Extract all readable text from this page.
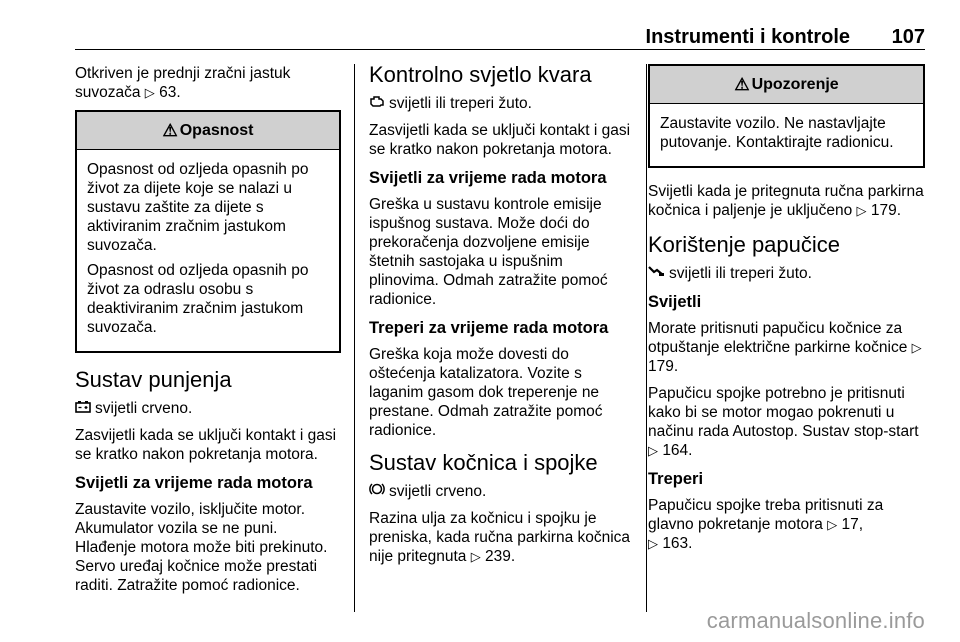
Instrumenti i kontrole 107

Otkriven je prednji zračni jastuk suvozača ▷ 63.

⚠ Opasnost

Opasnost od ozljeda opasnih po život za dijete koje se nalazi u sustavu zaštite za dijete s aktiviranim zračnim jastukom suvozača.

Opasnost od ozljeda opasnih po život za odraslu osobu s deaktiviranim zračnim jastukom suvozača.

Sustav punjenja

svijetli crveno.

Zasvijetli kada se uključi kontakt i gasi se kratko nakon pokretanja motora.

Svijetli za vrijeme rada motora

Zaustavite vozilo, isključite motor. Akumulator vozila se ne puni. Hlađenje motora može biti prekinuto. Servo uređaj kočnice može prestati raditi. Zatražite pomoć radionice.

Kontrolno svjetlo kvara

svijetli ili treperi žuto.

Zasvijetli kada se uključi kontakt i gasi se kratko nakon pokretanja motora.

Svijetli za vrijeme rada motora

Greška u sustavu kontrole emisije ispušnog sustava. Može doći do prekoračenja dozvoljene emisije štetnih sastojaka u ispušnim plinovima. Odmah zatražite pomoć radionice.

Treperi za vrijeme rada motora

Greška koja može dovesti do oštećenja katalizatora. Vozite s laganim gasom dok treperenje ne prestane. Odmah zatražite pomoć radionice.

Sustav kočnica i spojke

svijetli crveno.

Razina ulja za kočnicu i spojku je preniska, kada ručna parkirna kočnica nije pritegnuta ▷ 239.

⚠ Upozorenje

Zaustavite vozilo. Ne nastavljajte putovanje. Kontaktirajte radionicu.

Svijetli kada je pritegnuta ručna parkirna kočnica i paljenje je uključeno ▷ 179.

Korištenje papučice

svijetli ili treperi žuto.

Svijetli

Morate pritisnuti papučicu kočnice za otpuštanje električne parkirne kočnice ▷ 179.

Papučicu spojke potrebno je pritisnuti kako bi se motor mogao pokrenuti u načinu rada Autostop. Sustav stop-start ▷ 164.

Treperi

Papučicu spojke treba pritisnuti za glavno pokretanje motora ▷ 17,
▷ 163.

carmanualsonline.info
